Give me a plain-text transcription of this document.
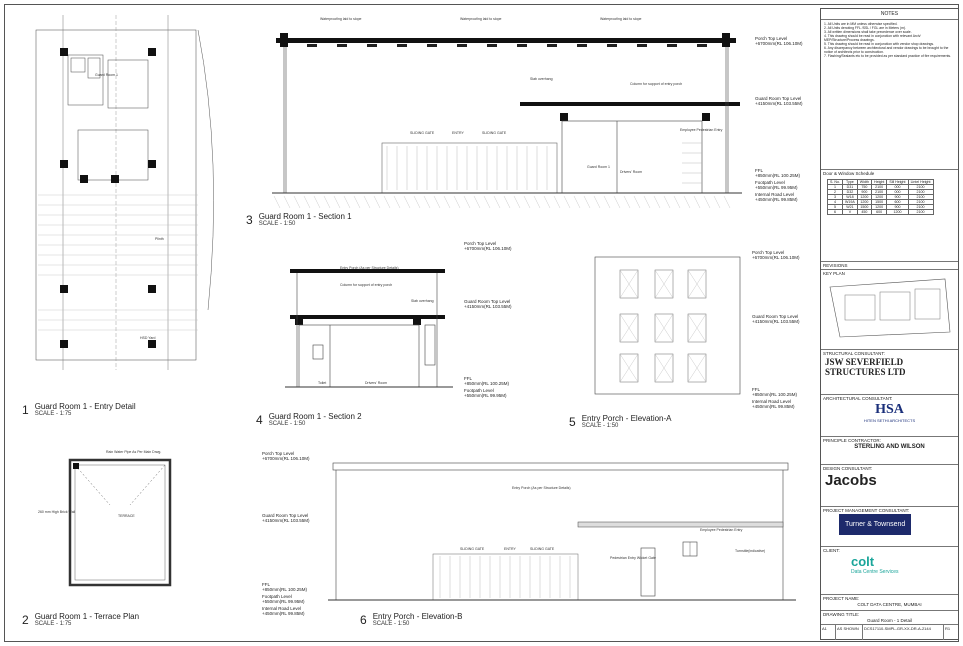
Guard Room 1
HSD Yard
Plinth
1 Guard Room 1 - Entry Detail
SCALE - 1:75
Rain Water Pipe As Per Main Drwg.
TERRACE
260 mm High Brick Wall
2 Guard Room 1 - Terrace Plan
SCALE - 1:75
Waterproofing laid to slope	Waterproofing laid to slope	Waterproofing laid to slope
Slab overhang
Column for support of entry porch
SLIDING GATE	ENTRY	SLIDING GATE
Employee Pedestrian Entry
Drivers' Room
Guard Room 1
Porch Top Level
+6700mm(RL 106.10M)
Guard Room Top Level
+4150mm(RL 103.55M)
FFL
+850mm(RL 100.25M)
Footpath Level
+550mm(RL 99.95M)
Internal Road Level
+450mm(RL 99.85M)
3 Guard Room 1 - Section 1
SCALE - 1:50
Entry Porch (As per Structure Details)
Column for support of entry porch
Slab overhang
Toilet	Drivers' Room
Porch Top Level
+6700mm(RL 106.10M)
Guard Room Top Level
+4150mm(RL 103.55M)
FFL
+850mm(RL 100.25M)
Footpath Level
+550mm(RL 99.95M)
4 Guard Room 1 - Section 2
SCALE - 1:50
Porch Top Level
+6700mm(RL 106.10M)
Guard Room Top Level
+4150mm(RL 103.55M)
FFL
+850mm(RL 100.25M)
Internal Road Level
+450mm(RL 99.85M)
5 Entry Porch - Elevation-A
SCALE - 1:50
Entry Porch (As per Structure Details)
SLIDING GATE	ENTRY	SLIDING GATE
Pedestrian Entry Wicket Gate
Employee Pedestrian Entry
Turnstile(indicative)
Porch Top Level
+6700mm(RL 106.10M)
Guard Room Top Level
+4150mm(RL 103.55M)
FFL
+850mm(RL 100.25M)
Footpath Level
+550mm(RL 99.95M)
Internal Road Level
+450mm(RL 99.85M)	6 Entry Porch - Elevation-B
SCALE - 1:50
NOTES
1. All Units are in MM unless otherwise specified.
2. All Units denoting FFL /SSL / FGL are in Meters (m).
3. All written dimensions shall take precedence over scale.
4. This drawing should be read in conjunction with relevant Arch/ MEP/Structure/Process drawings.
5. This drawing should be read in conjunction with vendor shop drawings.
6. Any discrepancy between architectural and vendor drawings to be brought to the notice of architects prior to construction.
7. Flashing/Sealants etc to be provided as per standard practice of fire requirements.
Door & Window Schedule
S. No.	Type	Width	Height	Sill Height	Lintel Height
1	D31	750	2100	000	2100
2	D32	900	2100	000	2100
3	W18	1200	1200	900	2100
4	W19A	1200	1500	600	2100
5	W21	1500	1200	900	2100
6	V	450	600	1200	2100
REVISIONS
KEY PLAN
STRUCTURAL CONSULTANT:
JSW SEVERFIELD STRUCTURES LTD
ARCHITECTURAL CONSULTANT:
HSA
HITEN SETHI ARCHITECTS
PRINCIPLE CONTRACTOR:
STERLING AND WILSON
DESIGN CONSULTANT:
Jacobs
PROJECT MANAGEMENT CONSULTANT:
Turner & Townsend
CLIENT:
colt
Data Centre Services
PROJECT NAME:
COLT DATA CENTRE, MUMBAI
DRAWING TITLE:
Guard Room - 1 Detail
A1	AS SHOWN	DCS17110-SMPL-GR-XX-DR-A-2144	R1
